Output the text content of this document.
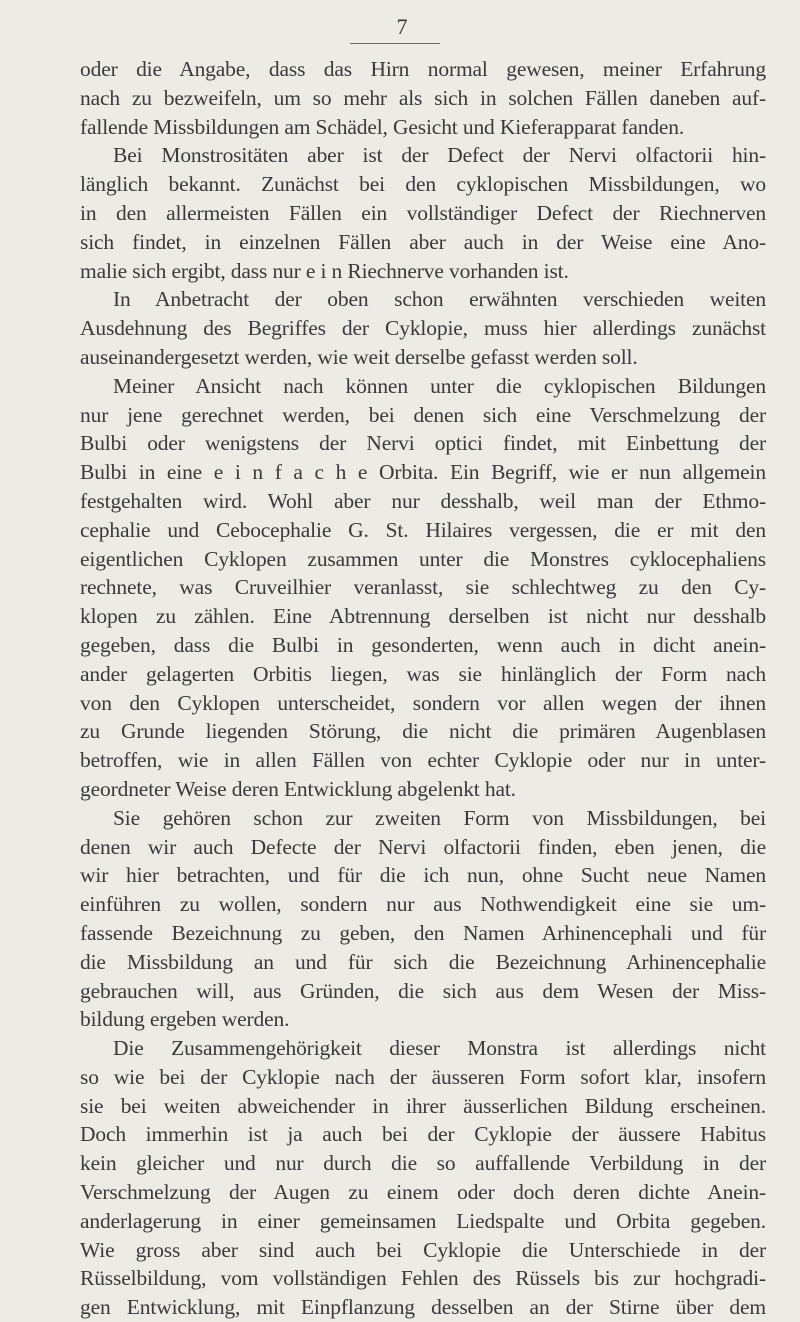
7
oder die Angabe, dass das Hirn normal gewesen, meiner Erfahrung
nach zu bezweifeln, um so mehr als sich in solchen Fällen daneben auf-
fallende Missbildungen am Schädel, Gesicht und Kieferapparat fanden.
Bei Monstrositäten aber ist der Defect der Nervi olfactorii hin-
länglich bekannt. Zunächst bei den cyklopischen Missbildungen, wo
in den allermeisten Fällen ein vollständiger Defect der Riechnerven
sich findet, in einzelnen Fällen aber auch in der Weise eine Ano-
malie sich ergibt, dass nur e i n Riechnerve vorhanden ist.
In Anbetracht der oben schon erwähnten verschieden weiten
Ausdehnung des Begriffes der Cyklopie, muss hier allerdings zunächst
auseinandergesetzt werden, wie weit derselbe gefasst werden soll.
Meiner Ansicht nach können unter die cyklopischen Bildungen
nur jene gerechnet werden, bei denen sich eine Verschmelzung der
Bulbi oder wenigstens der Nervi optici findet, mit Einbettung der
Bulbi in eine e i n f a c h e Orbita. Ein Begriff, wie er nun allgemein
festgehalten wird. Wohl aber nur desshalb, weil man der Ethmo-
cephalie und Cebocephalie G. St. Hilaires vergessen, die er mit den
eigentlichen Cyklopen zusammen unter die Monstres cyklocephaliens
rechnete, was Cruveilhier veranlasst, sie schlechtweg zu den Cy-
klopen zu zählen. Eine Abtrennung derselben ist nicht nur desshalb
gegeben, dass die Bulbi in gesonderten, wenn auch in dicht anein-
ander gelagerten Orbitis liegen, was sie hinlänglich der Form nach
von den Cyklopen unterscheidet, sondern vor allen wegen der ihnen
zu Grunde liegenden Störung, die nicht die primären Augenblasen
betroffen, wie in allen Fällen von echter Cyklopie oder nur in unter-
geordneter Weise deren Entwicklung abgelenkt hat.
Sie gehören schon zur zweiten Form von Missbildungen, bei
denen wir auch Defecte der Nervi olfactorii finden, eben jenen, die
wir hier betrachten, und für die ich nun, ohne Sucht neue Namen
einführen zu wollen, sondern nur aus Nothwendigkeit eine sie um-
fassende Bezeichnung zu geben, den Namen Arhinencephali und für
die Missbildung an und für sich die Bezeichnung Arhinencephalie
gebrauchen will, aus Gründen, die sich aus dem Wesen der Miss-
bildung ergeben werden.
Die Zusammengehörigkeit dieser Monstra ist allerdings nicht
so wie bei der Cyklopie nach der äusseren Form sofort klar, insofern
sie bei weiten abweichender in ihrer äusserlichen Bildung erscheinen.
Doch immerhin ist ja auch bei der Cyklopie der äussere Habitus
kein gleicher und nur durch die so auffallende Verbildung in der
Verschmelzung der Augen zu einem oder doch deren dichte Anein-
anderlagerung in einer gemeinsamen Liedspalte und Orbita gegeben.
Wie gross aber sind auch bei Cyklopie die Unterschiede in der
Rüsselbildung, vom vollständigen Fehlen des Rüssels bis zur hochgradi-
gen Entwicklung, mit Einpflanzung desselben an der Stirne über dem
